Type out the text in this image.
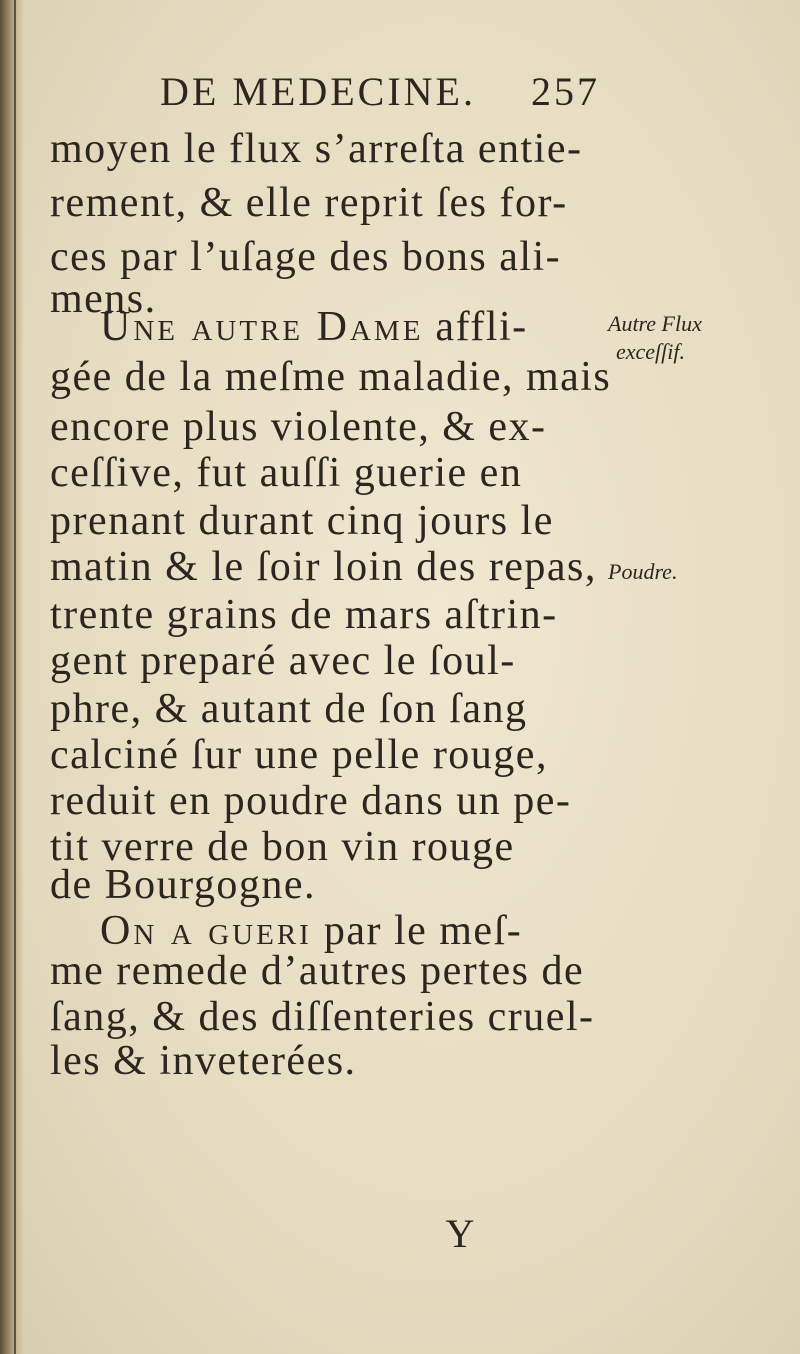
DE MEDECINE. 257
moyen le flux s’arreſta entie-
rement, & elle reprit ſes for-
ces par l’uſage des bons ali-
mens.
Une autre Dame affli-
gée de la meſme maladie, mais
encore plus violente, & ex-
ceſſive, fut auſſi guerie en
prenant durant cinq jours le
matin & le ſoir loin des repas,
trente grains de mars aſtrin-
gent preparé avec le ſoul-
phre, & autant de ſon ſang
calciné ſur une pelle rouge,
reduit en poudre dans un pe-
tit verre de bon vin rouge
de Bourgogne.
On a gueri par le meſ-
me remede d’autres pertes de
ſang, & des diſſenteries cruel-
les & inveterées.
Autre Flux
exceſſif.
Poudre.
Y
